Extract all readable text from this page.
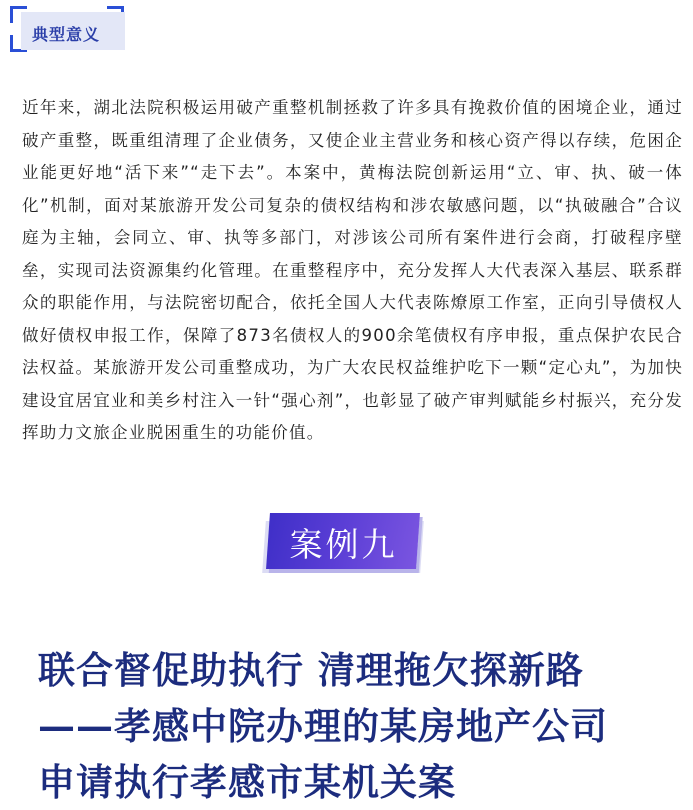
典型意义
近年来，湖北法院积极运用破产重整机制拯救了许多具有挽救价值的困境企业，通过破产重整，既重组清理了企业债务，又使企业主营业务和核心资产得以存续，危困企业能更好地“活下来”“走下去”。本案中，黄梅法院创新运用“立、审、执、破一体化”机制，面对某旅游开发公司复杂的债权结构和涉农敏感问题，以“执破融合”合议庭为主轴，会同立、审、执等多部门，对涉该公司所有案件进行会商，打破程序壁垒，实现司法资源集约化管理。在重整程序中，充分发挥人大代表深入基层、联系群众的职能作用，与法院密切配合，依托全国人大代表陈燎原工作室，正向引导债权人做好债权申报工作，保障了873名债权人的900余笔债权有序申报，重点保护农民合法权益。某旅游开发公司重整成功，为广大农民权益维护吃下一颗“定心丸”，为加快建设宜居宜业和美乡村注入一针“强心剂”，也彰显了破产审判赋能乡村振兴，充分发挥助力文旅企业脱困重生的功能价值。
案例九
联合督促助执行 清理拖欠探新路
——孝感中院办理的某房地产公司
申请执行孝感市某机关案
